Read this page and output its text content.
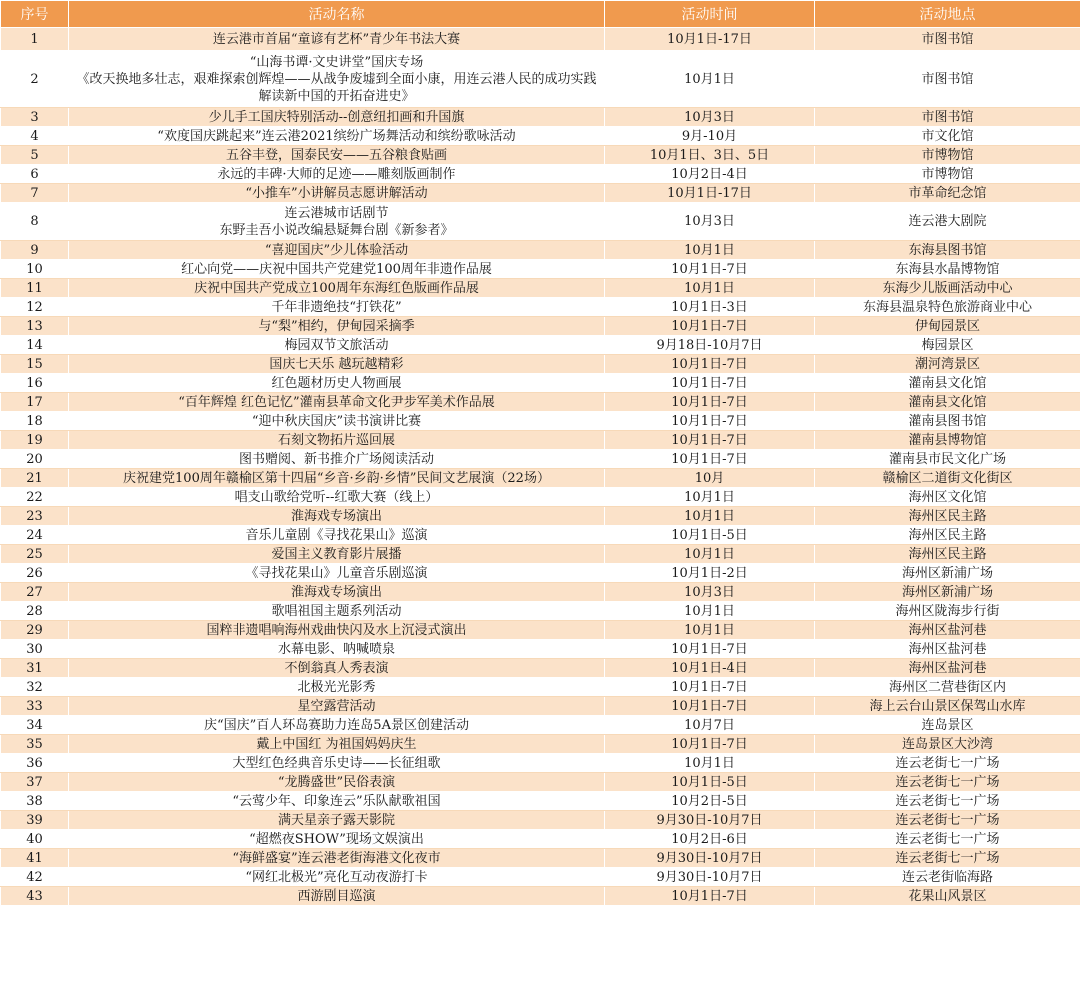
序号	活动名称	活动时间	活动地点
1	连云港市首届“童谚有艺杯”青少年书法大赛	10月1日-17日	市图书馆
2	“山海书谭·文史讲堂”国庆专场
《改天换地多壮志，艰难探索创辉煌——从战争废墟到全面小康，用连云港人民的成功实践解读新中国的开拓奋进史》	10月1日	市图书馆
3	少儿手工国庆特别活动--创意纽扣画和升国旗	10月3日	市图书馆
4	“欢度国庆跳起来”连云港2021缤纷广场舞活动和缤纷歌咏活动	9月-10月	市文化馆
5	五谷丰登，国泰民安——五谷粮食贴画	10月1日、3日、5日	市博物馆
6	永远的丰碑·大师的足迹——雕刻版画制作	10月2日-4日	市博物馆
7	“小推车”小讲解员志愿讲解活动	10月1日-17日	市革命纪念馆
8	连云港城市话剧节
东野圭吾小说改编悬疑舞台剧《新参者》	10月3日	连云港大剧院
9	“喜迎国庆”少儿体验活动	10月1日	东海县图书馆
10	红心向党——庆祝中国共产党建党100周年非遗作品展	10月1日-7日	东海县水晶博物馆
11	庆祝中国共产党成立100周年东海红色版画作品展	10月1日	东海少儿版画活动中心
12	千年非遗绝技“打铁花”	10月1日-3日	东海县温泉特色旅游商业中心
13	与“梨”相约，伊甸园采摘季	10月1日-7日	伊甸园景区
14	梅园双节文旅活动	9月18日-10月7日	梅园景区
15	国庆七天乐 越玩越精彩	10月1日-7日	潮河湾景区
16	红色题材历史人物画展	10月1日-7日	灌南县文化馆
17	“百年辉煌 红色记忆”灌南县革命文化尹步军美术作品展	10月1日-7日	灌南县文化馆
18	“迎中秋庆国庆”读书演讲比赛	10月1日-7日	灌南县图书馆
19	石刻文物拓片巡回展	10月1日-7日	灌南县博物馆
20	图书赠阅、新书推介广场阅读活动	10月1日-7日	灌南县市民文化广场
21	庆祝建党100周年赣榆区第十四届“乡音·乡韵·乡情”民间文艺展演（22场）	10月	赣榆区二道街文化街区
22	唱支山歌给党听--红歌大赛（线上）	10月1日	海州区文化馆
23	淮海戏专场演出	10月1日	海州区民主路
24	音乐儿童剧《寻找花果山》巡演	10月1日-5日	海州区民主路
25	爱国主义教育影片展播	10月1日	海州区民主路
26	《寻找花果山》儿童音乐剧巡演	10月1日-2日	海州区新浦广场
27	淮海戏专场演出	10月3日	海州区新浦广场
28	歌唱祖国主题系列活动	10月1日	海州区陇海步行街
29	国粹非遗唱响海州戏曲快闪及水上沉浸式演出	10月1日	海州区盐河巷
30	水幕电影、呐喊喷泉	10月1日-7日	海州区盐河巷
31	不倒翁真人秀表演	10月1日-4日	海州区盐河巷
32	北极光光影秀	10月1日-7日	海州区二营巷街区内
33	星空露营活动	10月1日-7日	海上云台山景区保驾山水库
34	庆“国庆”百人环岛赛助力连岛5A景区创建活动	10月7日	连岛景区
35	戴上中国红 为祖国妈妈庆生	10月1日-7日	连岛景区大沙湾
36	大型红色经典音乐史诗——长征组歌	10月1日	连云老街七一广场
37	“龙腾盛世”民俗表演	10月1日-5日	连云老街七一广场
38	“云莺少年、印象连云”乐队献歌祖国	10月2日-5日	连云老街七一广场
39	满天星亲子露天影院	9月30日-10月7日	连云老街七一广场
40	“超燃夜SHOW”现场文娱演出	10月2日-6日	连云老街七一广场
41	“海鲜盛宴”连云港老街海港文化夜市	9月30日-10月7日	连云老街七一广场
42	“网红北极光”亮化互动夜游打卡	9月30日-10月7日	连云老街临海路
43	西游剧目巡演	10月1日-7日	花果山风景区
